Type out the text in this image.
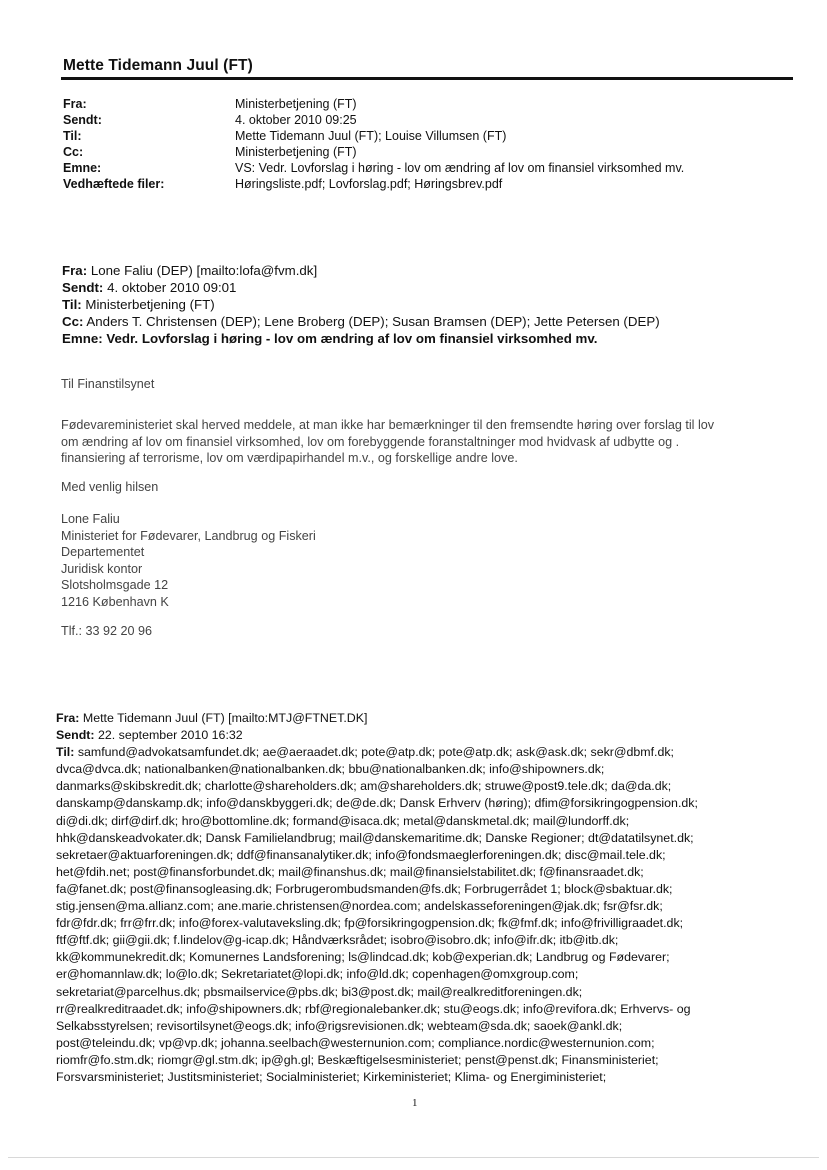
Mette Tidemann Juul (FT)
Fra:	Ministerbetjening (FT)
Sendt:	4. oktober 2010 09:25
Til:	Mette Tidemann Juul (FT); Louise Villumsen (FT)
Cc:	Ministerbetjening (FT)
Emne:	VS: Vedr. Lovforslag i høring - lov om ændring af lov om finansiel virksomhed mv.
Vedhæftede filer:	Høringsliste.pdf; Lovforslag.pdf; Høringsbrev.pdf
Fra: Lone Faliu (DEP) [mailto:lofa@fvm.dk]
Sendt: 4. oktober 2010 09:01
Til: Ministerbetjening (FT)
Cc: Anders T. Christensen (DEP); Lene Broberg (DEP); Susan Bramsen (DEP); Jette Petersen (DEP)
Emne: Vedr. Lovforslag i høring - lov om ændring af lov om finansiel virksomhed mv.
Til Finanstilsynet
Fødevareministeriet skal herved meddele, at man ikke har bemærkninger til den fremsendte høring over forslag til lov
om ændring af lov om finansiel virksomhed, lov om forebyggende foranstaltninger mod hvidvask af udbytte og .
finansiering af terrorisme, lov om værdipapirhandel m.v., og forskellige andre love.
Med venlig hilsen
Lone Faliu
Ministeriet for Fødevarer, Landbrug og Fiskeri
Departementet
Juridisk kontor
Slotsholmsgade 12
1216 København K
Tlf.: 33 92 20 96
Fra: Mette Tidemann Juul (FT) [mailto:MTJ@FTNET.DK]
Sendt: 22. september 2010 16:32
Til: samfund@advokatsamfundet.dk; ae@aeraadet.dk; pote@atp.dk; pote@atp.dk; ask@ask.dk; sekr@dbmf.dk;
dvca@dvca.dk; nationalbanken@nationalbanken.dk; bbu@nationalbanken.dk; info@shipowners.dk;
danmarks@skibskredit.dk; charlotte@shareholders.dk; am@shareholders.dk; struwe@post9.tele.dk; da@da.dk;
danskamp@danskamp.dk; info@danskbyggeri.dk; de@de.dk; Dansk Erhverv (høring); dfim@forsikringogpension.dk;
di@di.dk; dirf@dirf.dk; hro@bottomline.dk; formand@isaca.dk; metal@danskmetal.dk; mail@lundorff.dk;
hhk@danskeadvokater.dk; Dansk Familielandbrug; mail@danskemaritime.dk; Danske Regioner; dt@datatilsynet.dk;
sekretaer@aktuarforeningen.dk; ddf@finansanalytiker.dk; info@fondsmaeglerforeningen.dk; disc@mail.tele.dk;
het@fdih.net; post@finansforbundet.dk; mail@finanshus.dk; mail@finansielstabilitet.dk; f@finansraadet.dk;
fa@fanet.dk; post@finansogleasing.dk; Forbrugerombudsmanden@fs.dk; Forbrugerrådet 1; block@sbaktuar.dk;
stig.jensen@ma.allianz.com; ane.marie.christensen@nordea.com; andelskasseforeningen@jak.dk; fsr@fsr.dk;
fdr@fdr.dk; frr@frr.dk; info@forex-valutaveksling.dk; fp@forsikringogpension.dk; fk@fmf.dk; info@frivilligraadet.dk;
ftf@ftf.dk; gii@gii.dk; f.lindelov@g-icap.dk; Håndværksrådet; isobro@isobro.dk; info@ifr.dk; itb@itb.dk;
kk@kommunekredit.dk; Komunernes Landsforening; ls@lindcad.dk; kob@experian.dk; Landbrug og Fødevarer;
er@homannlaw.dk; lo@lo.dk; Sekretariatet@lopi.dk; info@ld.dk; copenhagen@omxgroup.com;
sekretariat@parcelhus.dk; pbsmailservice@pbs.dk; bi3@post.dk; mail@realkreditforeningen.dk;
rr@realkreditraadet.dk; info@shipowners.dk; rbf@regionalebanker.dk; stu@eogs.dk; info@revifora.dk; Erhvervs- og
Selkabsstyrelsen; revisortilsynet@eogs.dk; info@rigsrevisionen.dk; webteam@sda.dk; saoek@ankl.dk;
post@teleindu.dk; vp@vp.dk; johanna.seelbach@westernunion.com; compliance.nordic@westernunion.com;
riomfr@fo.stm.dk; riomgr@gl.stm.dk; ip@gh.gl; Beskæftigelsesministeriet; penst@penst.dk; Finansministeriet;
Forsvarsministeriet; Justitsministeriet; Socialministeriet; Kirkeministeriet; Klima- og Energiministeriet;
1
